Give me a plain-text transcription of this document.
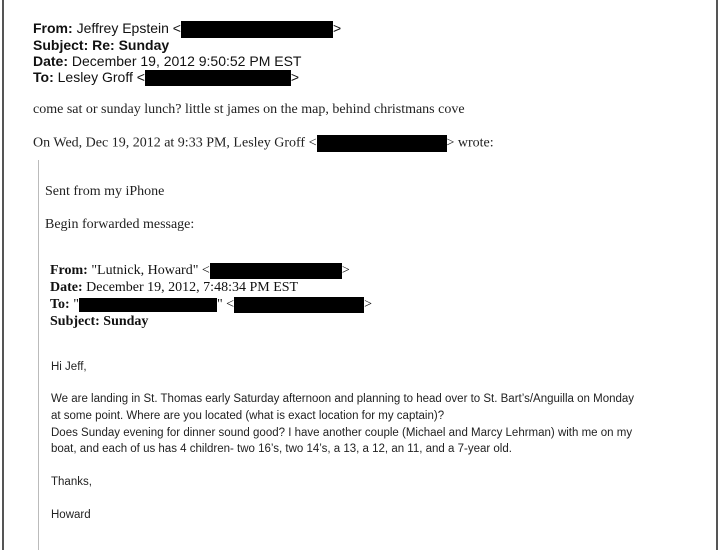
From: Jeffrey Epstein <	>
Subject: Re: Sunday
Date: December 19, 2012 9:50:52 PM EST
To: Lesley Groff <	>
come sat or sunday lunch? little st james on the map, behind christmans cove
On Wed, Dec 19, 2012 at 9:33 PM, Lesley Groff <	> wrote:
Sent from my iPhone
Begin forwarded message:
From: "Lutnick, Howard" <	>
Date: December 19, 2012, 7:48:34 PM EST
To: "	" <	>
Subject: Sunday
Hi Jeff,
We are landing in St. Thomas early Saturday afternoon and planning to head over to St. Bart’s/Anguilla on Monday
at some point. Where are you located (what is exact location for my captain)?
Does Sunday evening for dinner sound good? I have another couple (Michael and Marcy Lehrman) with me on my
boat, and each of us has 4 children- two 16’s, two 14’s, a 13, a 12, an 11, and a 7-year old.
Thanks,
Howard
